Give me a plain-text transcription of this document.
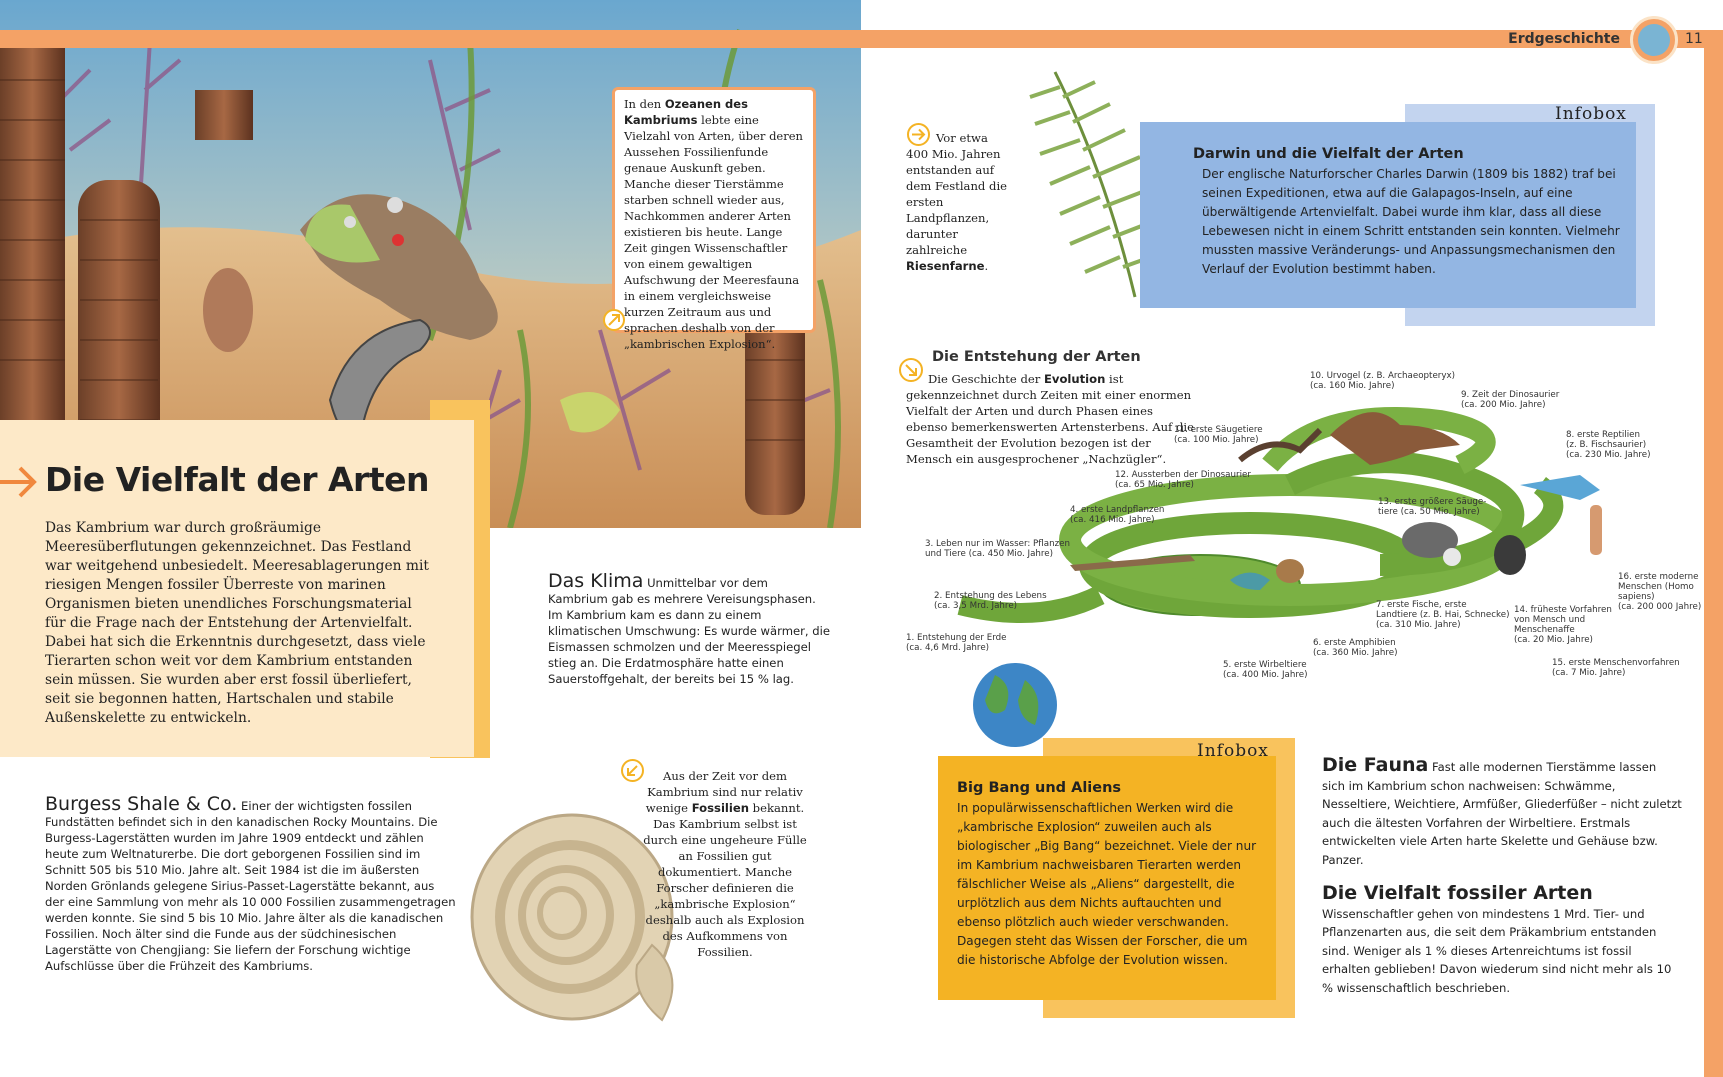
Erdgeschichte	11
Die Vielfalt der Arten
Das Kambrium war durch großräumige Meeresüberflutungen gekennzeichnet. Das Festland war weitgehend unbesiedelt. Meeresablagerungen mit riesigen Mengen fossiler Überreste von marinen Organismen bieten unendliches Forschungsmaterial für die Frage nach der Entstehung der Artenvielfalt. Dabei hat sich die Erkenntnis durchgesetzt, dass viele Tierarten schon weit vor dem Kambrium entstanden sein müssen. Sie wurden aber erst fossil überliefert, seit sie begonnen hatten, Hartschalen und stabile Außenskelette zu entwickeln.
In den Ozeanen des Kambriums lebte eine Vielzahl von Arten, über deren Aussehen Fossilienfunde genaue Auskunft geben. Manche dieser Tierstämme starben schnell wieder aus, Nachkommen anderer Arten existieren bis heute. Lange Zeit gingen Wissenschaftler von einem gewaltigen Aufschwung der Meeresfauna in einem vergleichsweise kurzen Zeitraum aus und sprachen deshalb von der „kambrischen Explosion“.
Das Klima Unmittelbar vor dem Kambrium gab es mehrere Vereisungsphasen. Im Kambrium kam es dann zu einem klimatischen Umschwung: Es wurde wärmer, die Eismassen schmolzen und der Meeresspiegel stieg an. Die Erdatmosphäre hatte einen Sauerstoffgehalt, der bereits bei 15 % lag.
Burgess Shale & Co. Einer der wichtigsten fossilen Fundstätten befindet sich in den kanadischen Rocky Mountains. Die Burgess-Lagerstätten wurden im Jahre 1909 entdeckt und zählen heute zum Weltnaturerbe. Die dort geborgenen Fossilien sind im Schnitt 505 bis 510 Mio. Jahre alt. Seit 1984 ist die im äußersten Norden Grönlands gelegene Sirius-Passet-Lagerstätte bekannt, aus der eine Sammlung von mehr als 10 000 Fossilien zusammengetragen werden konnte. Sie sind 5 bis 10 Mio. Jahre älter als die kanadischen Fossilien. Noch älter sind die Funde aus der südchinesischen Lagerstätte von Chengjiang: Sie liefern der Forschung wichtige Aufschlüsse über die Frühzeit des Kambriums.
Aus der Zeit vor dem Kambrium sind nur relativ wenige Fossilien bekannt. Das Kambrium selbst ist durch eine ungeheure Fülle an Fossilien gut dokumentiert. Manche Forscher definieren die „kambrische Explosion“ deshalb auch als Explosion des Aufkommens von Fossilien.
Vor etwa 400 Mio. Jahren entstanden auf dem Festland die ersten Landpflanzen, darunter zahlreiche Riesenfarne.
Infobox
Darwin und die Vielfalt der Arten
Der englische Naturforscher Charles Darwin (1809 bis 1882) traf bei seinen Expeditionen, etwa auf die Galapagos-Inseln, auf eine überwältigende Artenvielfalt. Dabei wurde ihm klar, dass all diese Lebewesen nicht in einem Schritt entstanden sein konnten. Vielmehr mussten massive Veränderungs- und Anpassungsmechanismen den Verlauf der Evolution bestimmt haben.
Die Entstehung der Arten
Die Geschichte der Evolution ist gekennzeichnet durch Zeiten mit einer enormen Vielfalt der Arten und durch Phasen eines ebenso bemerkenswerten Artensterbens. Auf die Gesamtheit der Evolution bezogen ist der Mensch ein ausgesprochener „Nachzügler“.
1. Entstehung der Erde
(ca. 4,6 Mrd. Jahre)
2. Entstehung des Lebens
(ca. 3,5 Mrd. Jahre)
3. Leben nur im Wasser: Pflanzen
und Tiere (ca. 450 Mio. Jahre)
4. erste Landpflanzen
(ca. 416 Mio. Jahre)
5. erste Wirbeltiere
(ca. 400 Mio. Jahre)
6. erste Amphibien
(ca. 360 Mio. Jahre)
7. erste Fische, erste
Landtiere (z. B. Hai, Schnecke)
(ca. 310 Mio. Jahre)
8. erste Reptilien
(z. B. Fischsaurier)
(ca. 230 Mio. Jahre)
9. Zeit der Dinosaurier
(ca. 200 Mio. Jahre)
10. Urvogel (z. B. Archaeopteryx)
(ca. 160 Mio. Jahre)
11. erste Säugetiere
(ca. 100 Mio. Jahre)
12. Aussterben der Dinosaurier
(ca. 65 Mio. Jahre)
13. erste größere Säuge-
tiere (ca. 50 Mio. Jahre)
14. früheste Vorfahren
von Mensch und
Menschenaffe
(ca. 20 Mio. Jahre)
15. erste Menschenvorfahren
(ca. 7 Mio. Jahre)
16. erste moderne
Menschen (Homo
sapiens)
(ca. 200 000 Jahre)
Infobox
Big Bang und Aliens
In populärwissenschaftlichen Werken wird die „kambrische Explosion“ zuweilen auch als biologischer „Big Bang“ bezeichnet. Viele der nur im Kambrium nachweisbaren Tierarten werden fälschlicher Weise als „Aliens“ dargestellt, die urplötzlich aus dem Nichts auftauchten und ebenso plötzlich auch wieder verschwanden. Dagegen steht das Wissen der Forscher, die um die historische Abfolge der Evolution wissen.
Die Fauna Fast alle modernen Tierstämme lassen sich im Kambrium schon nachweisen: Schwämme, Nesseltiere, Weichtiere, Armfüßer, Gliederfüßer – nicht zuletzt auch die ältesten Vorfahren der Wirbeltiere. Erstmals entwickelten viele Arten harte Skelette und Gehäuse bzw. Panzer.
Die Vielfalt fossiler Arten Wissenschaftler gehen von mindestens 1 Mrd. Tier- und Pflanzenarten aus, die seit dem Präkambrium entstanden sind. Weniger als 1 % dieses Artenreichtums ist fossil erhalten geblieben! Davon wiederum sind nicht mehr als 10 % wissenschaftlich beschrieben.
